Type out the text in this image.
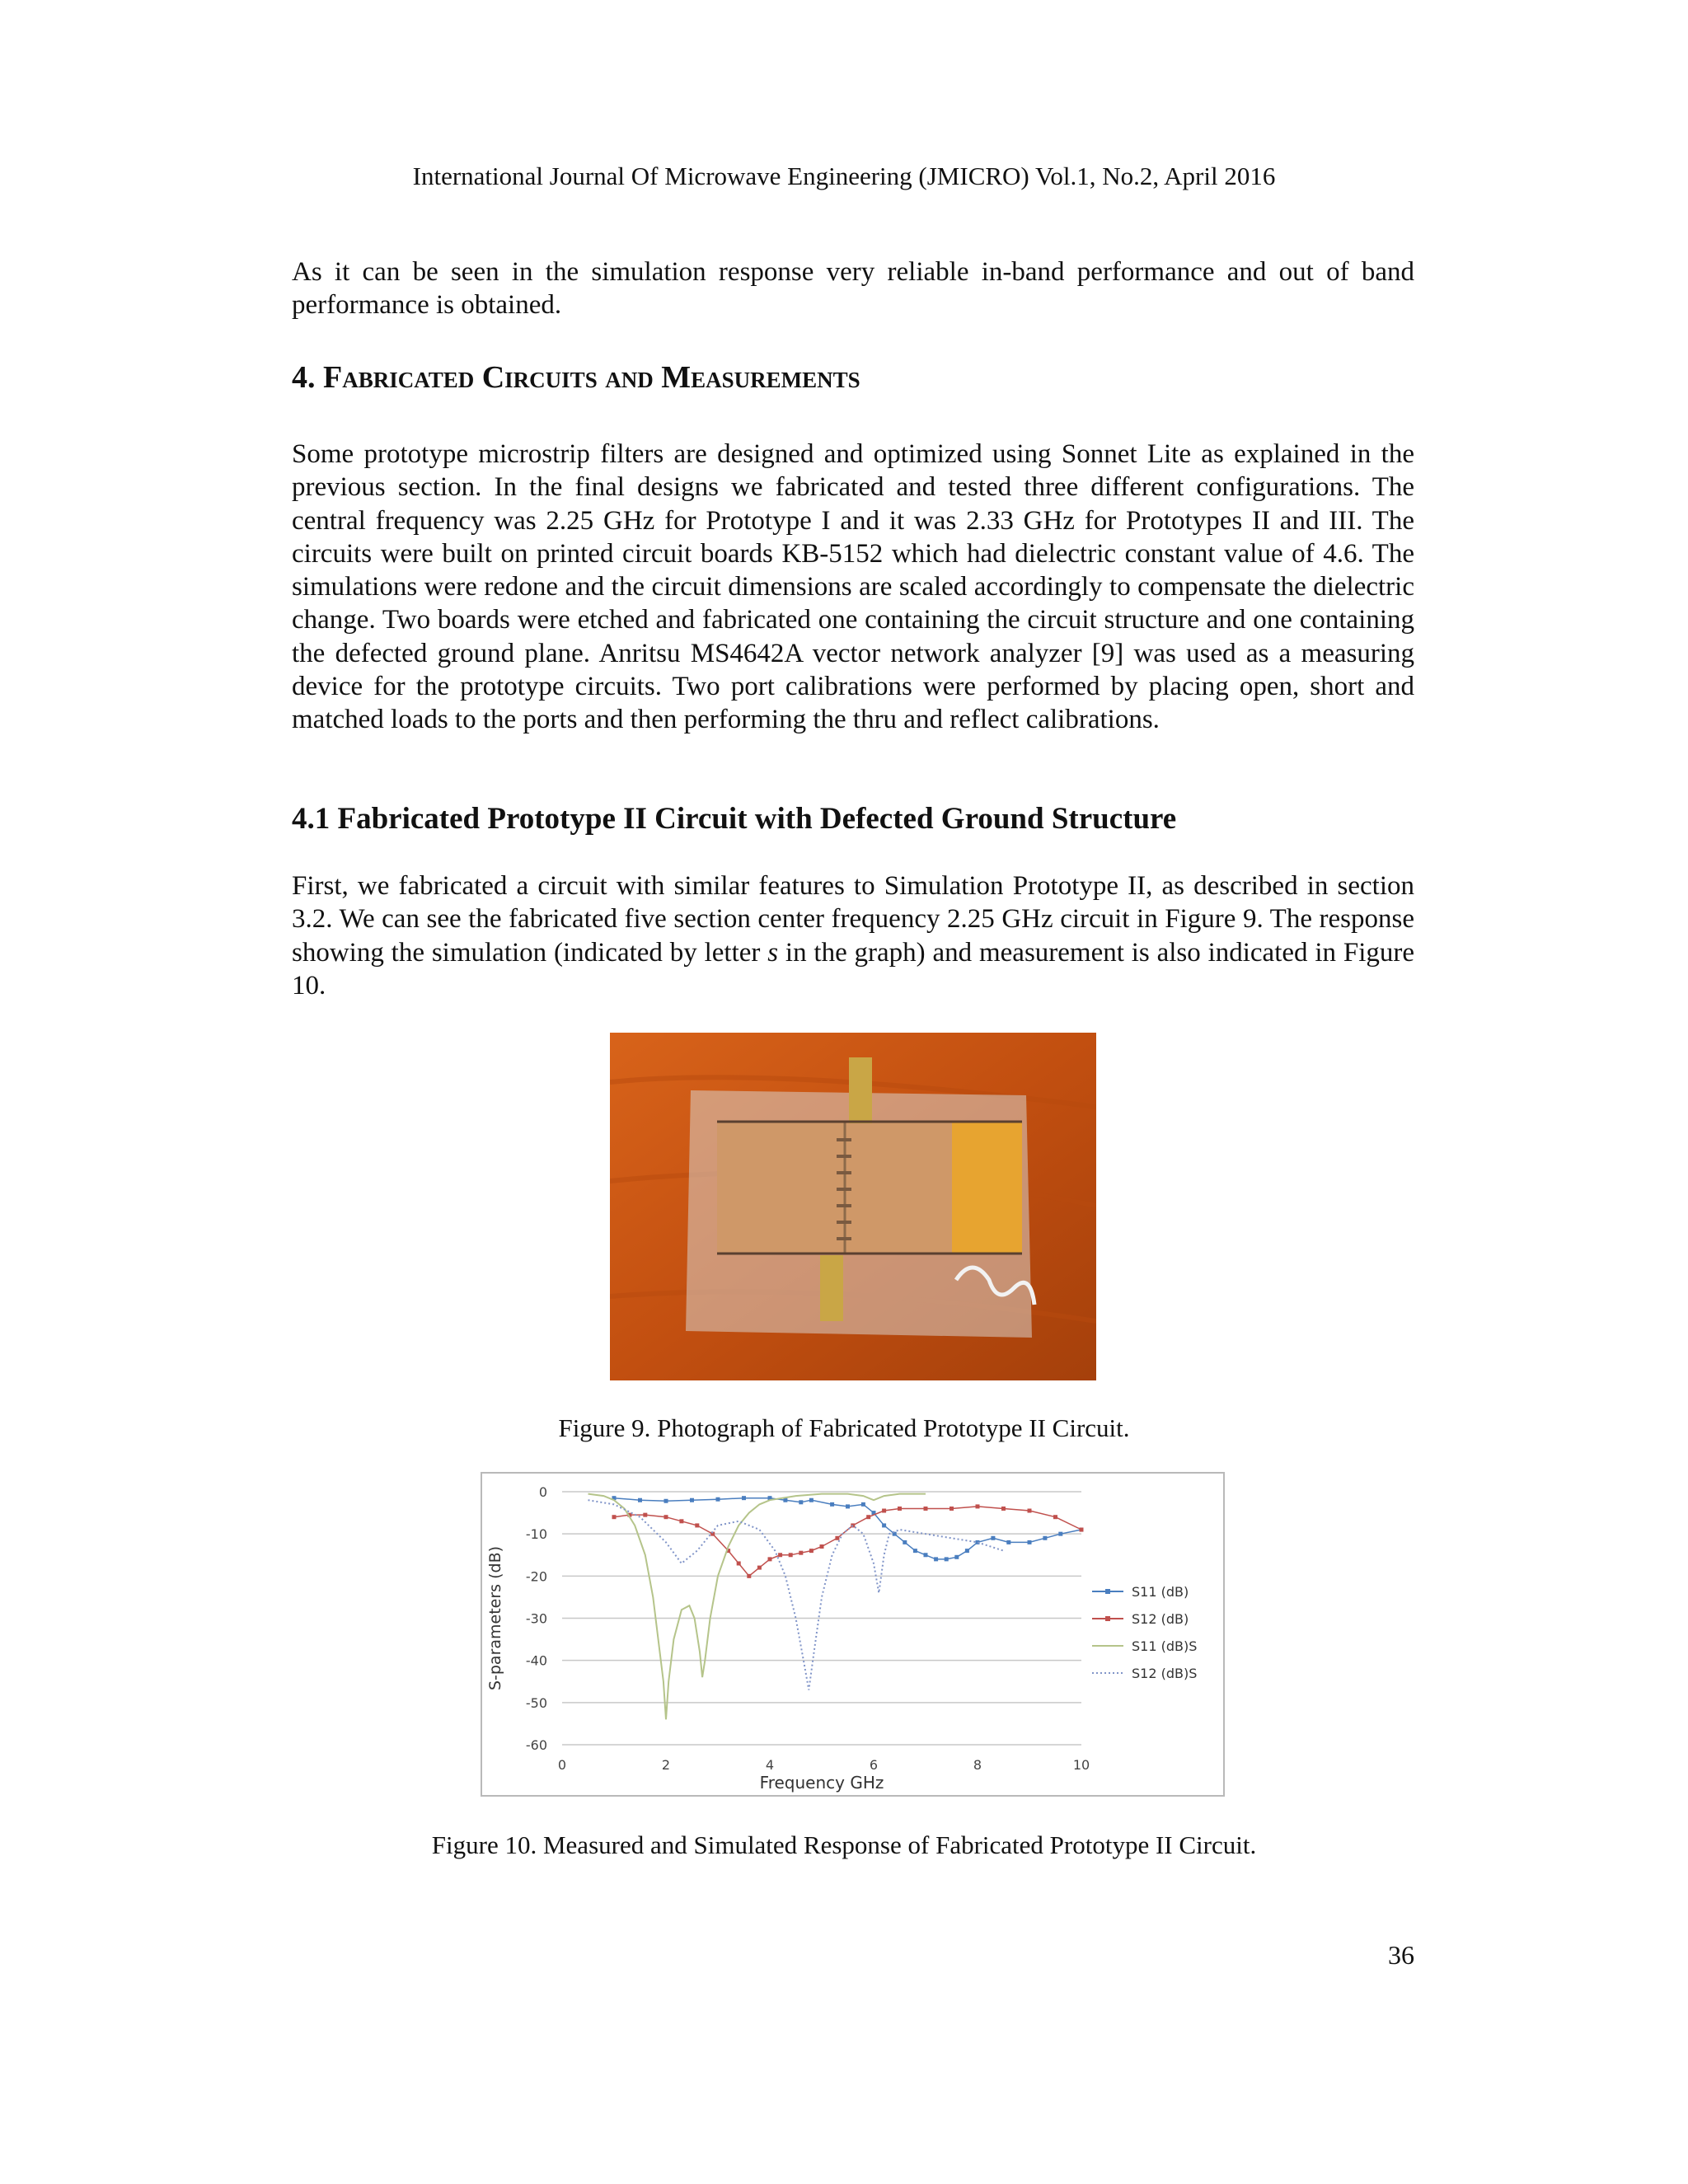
International Journal Of Microwave Engineering (JMICRO) Vol.1, No.2, April 2016

As it can be seen in the simulation response very reliable in-band performance and out of band performance is obtained.

4. Fabricated Circuits and Measurements

Some prototype microstrip filters are designed and optimized using Sonnet Lite as explained in the previous section. In the final designs we fabricated and tested three different configurations. The central frequency was 2.25 GHz for Prototype I and it was 2.33 GHz for Prototypes II and III. The circuits were built on printed circuit boards KB-5152 which had dielectric constant value of 4.6. The simulations were redone and the circuit dimensions are scaled accordingly to compensate the dielectric change. Two boards were etched and fabricated one containing the circuit structure and one containing the defected ground plane. Anritsu MS4642A vector network analyzer [9] was used as a measuring device for the prototype circuits. Two port calibrations were performed by placing open, short and matched loads to the ports and then performing the thru and reflect calibrations.

4.1 Fabricated Prototype II Circuit with Defected Ground Structure

First, we fabricated a circuit with similar features to Simulation Prototype II, as described in section 3.2. We can see the fabricated five section center frequency 2.25 GHz circuit in Figure 9. The response showing the simulation (indicated by letter s in the graph) and measurement is also indicated in Figure 10.

Figure 9. Photograph of Fabricated Prototype II Circuit.
0
-10
-20
-30
-40
-50
-60
0	2	4	6	8	10
Frequency GHz
S-parameters (dB)	S11 (dB)
S12 (dB)
S11 (dB)S
S12 (dB)S
Figure 10. Measured and Simulated Response of Fabricated Prototype II Circuit.
36
